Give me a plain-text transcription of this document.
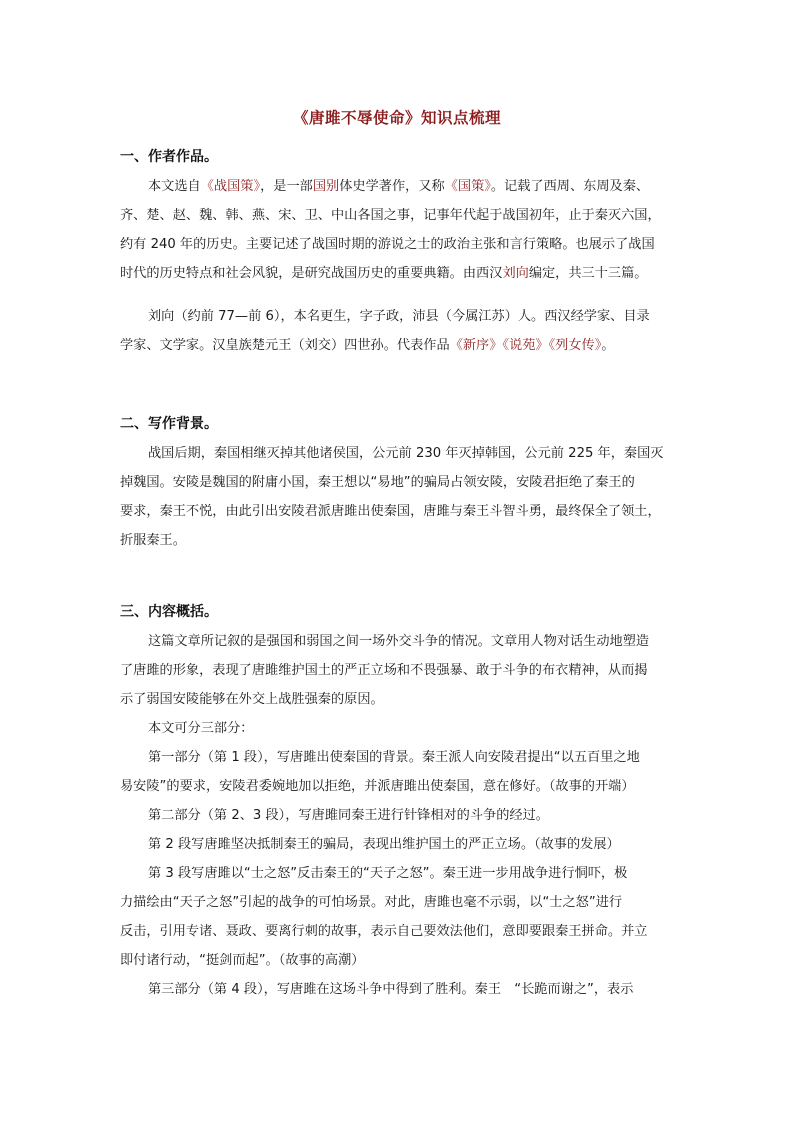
《唐雎不辱使命》知识点梳理
一、作者作品。
本文选自《战国策》，是一部国别体史学著作，又称《国策》。记载了西周、东周及秦、
齐、楚、赵、魏、韩、燕、宋、卫、中山各国之事，记事年代起于战国初年，止于秦灭六国，
约有 240 年的历史。主要记述了战国时期的游说之士的政治主张和言行策略。也展示了战国
时代的历史特点和社会风貌，是研究战国历史的重要典籍。由西汉刘向编定，共三十三篇。
刘向（约前 77—前 6），本名更生，字子政，沛县（今属江苏）人。西汉经学家、目录
学家、文学家。汉皇族楚元王（刘交）四世孙。代表作品《新序》《说苑》《列女传》。
二、写作背景。
战国后期，秦国相继灭掉其他诸侯国，公元前 230 年灭掉韩国，公元前 225 年，秦国灭
掉魏国。安陵是魏国的附庸小国，秦王想以“易地”的骗局占领安陵，安陵君拒绝了秦王的
要求，秦王不悦，由此引出安陵君派唐雎出使秦国，唐雎与秦王斗智斗勇，最终保全了领土，
折服秦王。
三、内容概括。
这篇文章所记叙的是强国和弱国之间一场外交斗争的情况。文章用人物对话生动地塑造
了唐雎的形象，表现了唐雎维护国土的严正立场和不畏强暴、敢于斗争的布衣精神，从而揭
示了弱国安陵能够在外交上战胜强秦的原因。
本文可分三部分：
第一部分（第 1 段），写唐雎出使秦国的背景。秦王派人向安陵君提出“以五百里之地
易安陵”的要求，安陵君委婉地加以拒绝，并派唐雎出使秦国，意在修好。（故事的开端）
第二部分（第 2、3 段），写唐雎同秦王进行针锋相对的斗争的经过。
第 2 段写唐雎坚决抵制秦王的骗局，表现出维护国土的严正立场。（故事的发展）
第 3 段写唐雎以“士之怒”反击秦王的“天子之怒”。秦王进一步用战争进行恫吓，极
力描绘由“天子之怒”引起的战争的可怕场景。对此，唐雎也毫不示弱，以“士之怒”进行
反击，引用专诸、聂政、要离行刺的故事，表示自己要效法他们，意即要跟秦王拼命。并立
即付诸行动，“挺剑而起”。（故事的高潮）
第三部分（第 4 段），写唐雎在这场斗争中得到了胜利。秦王　“长跪而谢之”，表示
